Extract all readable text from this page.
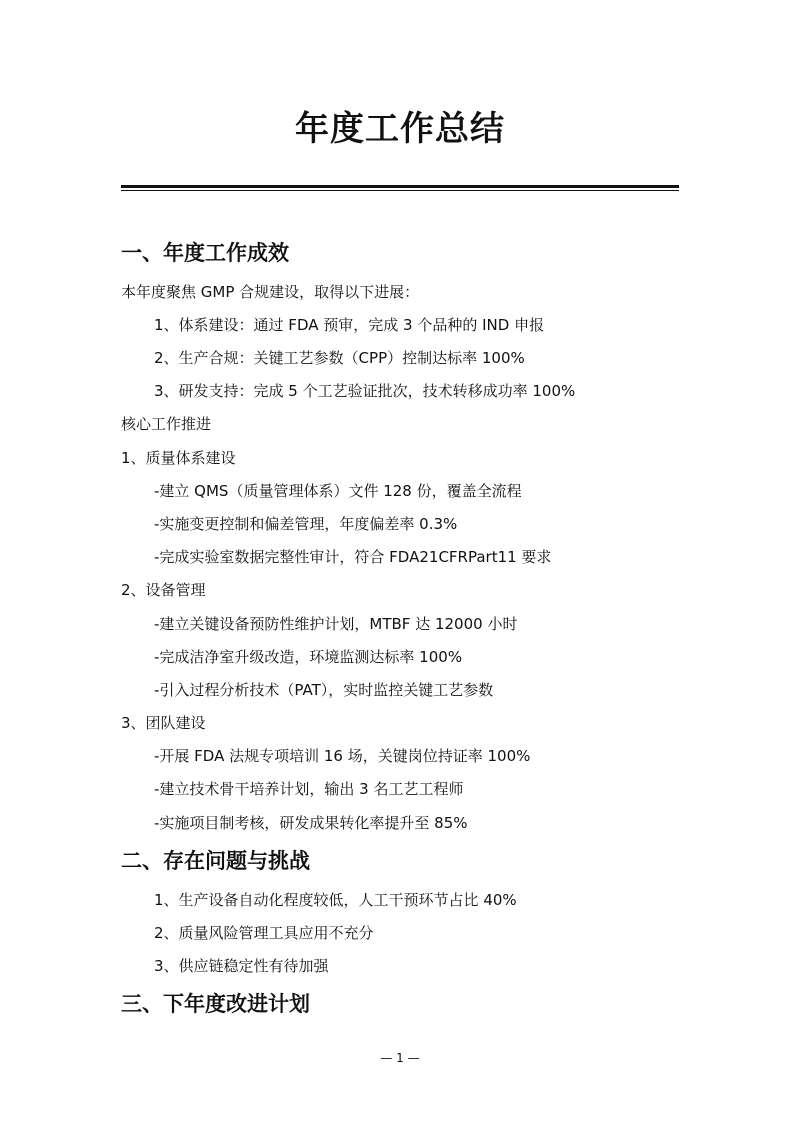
年度工作总结
一、年度工作成效
本年度聚焦 GMP 合规建设，取得以下进展：
1、体系建设：通过 FDA 预审，完成 3 个品种的 IND 申报
2、生产合规：关键工艺参数（CPP）控制达标率 100%
3、研发支持：完成 5 个工艺验证批次，技术转移成功率 100%
核心工作推进
1、质量体系建设
-建立 QMS（质量管理体系）文件 128 份，覆盖全流程
-实施变更控制和偏差管理，年度偏差率 0.3%
-完成实验室数据完整性审计，符合 FDA21CFRPart11 要求
2、设备管理
-建立关键设备预防性维护计划，MTBF 达 12000 小时
-完成洁净室升级改造，环境监测达标率 100%
-引入过程分析技术（PAT），实时监控关键工艺参数
3、团队建设
-开展 FDA 法规专项培训 16 场，关键岗位持证率 100%
-建立技术骨干培养计划，输出 3 名工艺工程师
-实施项目制考核，研发成果转化率提升至 85%
二、存在问题与挑战
1、生产设备自动化程度较低，人工干预环节占比 40%
2、质量风险管理工具应用不充分
3、供应链稳定性有待加强
三、下年度改进计划
— 1 —
